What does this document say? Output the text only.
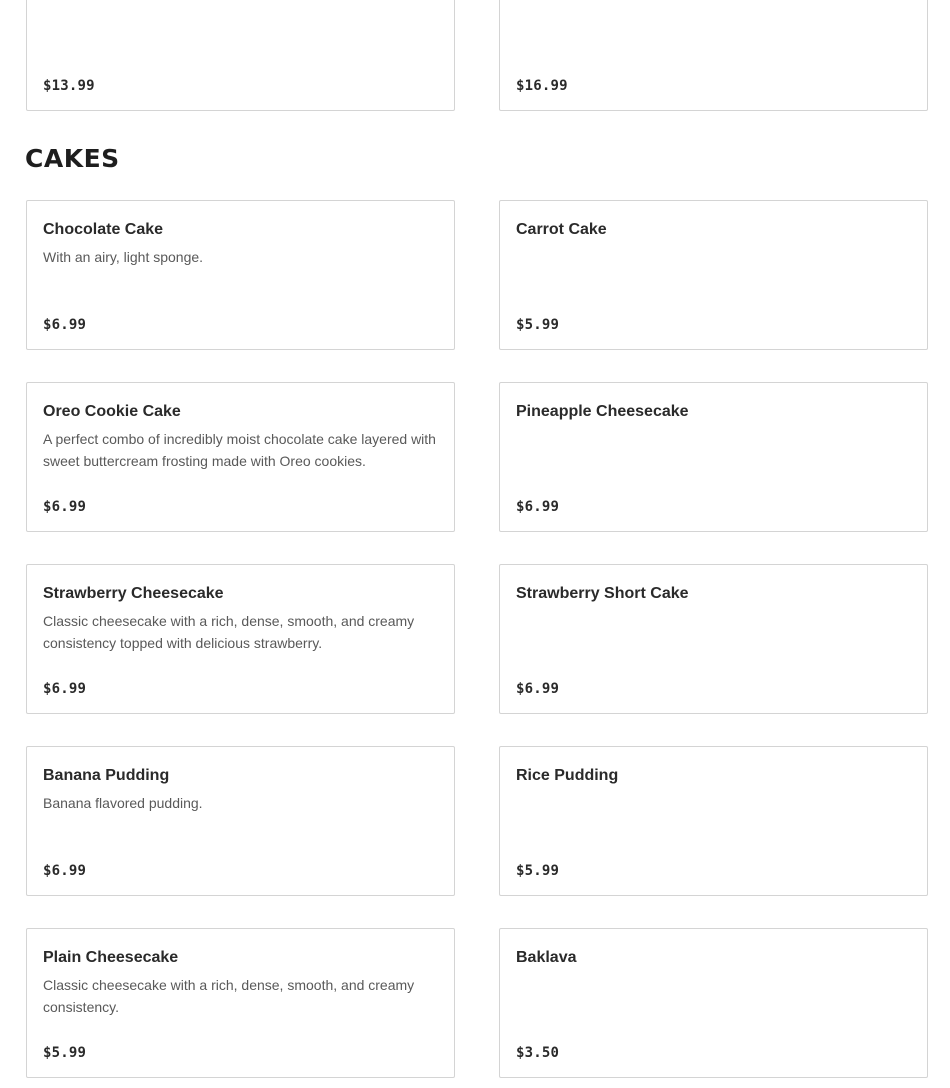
$13.99	$16.99
CAKES
Chocolate Cake
With an airy, light sponge.
$6.99
Carrot Cake
$5.99
Oreo Cookie Cake
A perfect combo of incredibly moist chocolate cake layered with sweet buttercream frosting made with Oreo cookies.
$6.99
Pineapple Cheesecake
$6.99
Strawberry Cheesecake
Classic cheesecake with a rich, dense, smooth, and creamy consistency topped with delicious strawberry.
$6.99
Strawberry Short Cake
$6.99
Banana Pudding
Banana flavored pudding.
$6.99
Rice Pudding
$5.99
Plain Cheesecake
Classic cheesecake with a rich, dense, smooth, and creamy consistency.
$5.99
Baklava
$3.50
